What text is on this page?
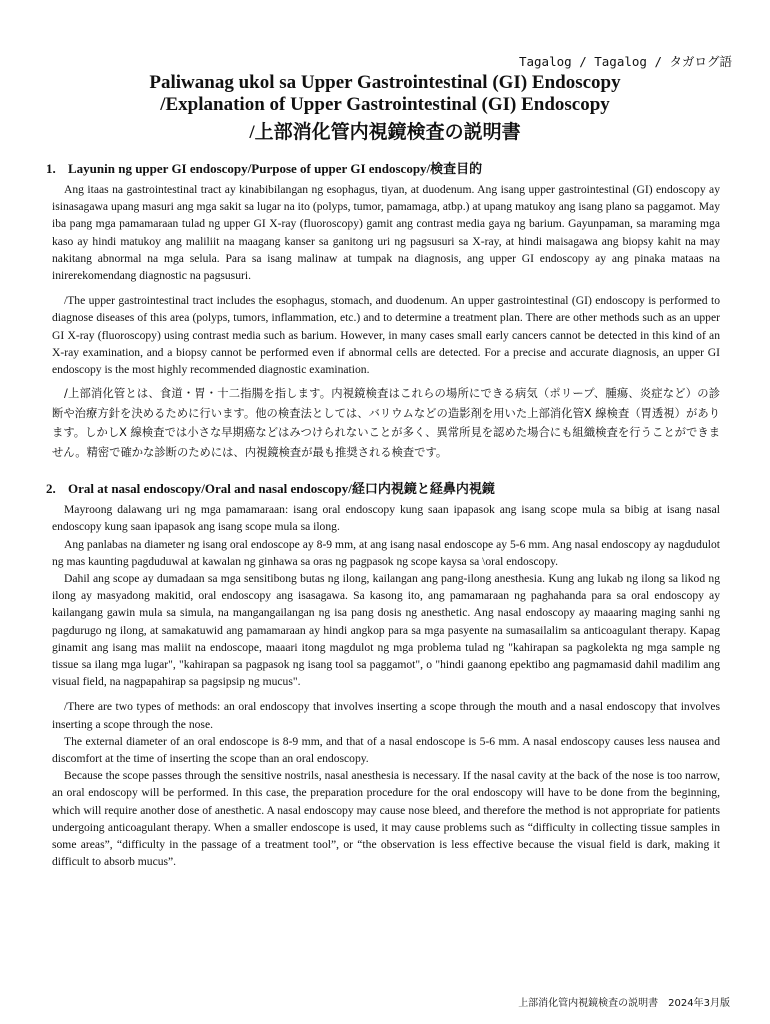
Tagalog / Tagalog / タガログ語
Paliwanag ukol sa Upper Gastrointestinal (GI) Endoscopy
/Explanation of Upper Gastrointestinal (GI) Endoscopy
/上部消化管内視鏡検査の説明書
1. Layunin ng upper GI endoscopy/Purpose of upper GI endoscopy/検査目的

Ang itaas na gastrointestinal tract ay kinabibilangan ng esophagus, tiyan, at duodenum. Ang isang upper gastrointestinal (GI) endoscopy ay isinasagawa upang masuri ang mga sakit sa lugar na ito (polyps, tumor, pamamaga, atbp.) at upang matukoy ang isang plano sa paggamot. May iba pang mga pamamaraan tulad ng upper GI X-ray (fluoroscopy) gamit ang contrast media gaya ng barium. Gayunpaman, sa maraming mga kaso ay hindi matukoy ang maliliit na maagang kanser sa ganitong uri ng pagsusuri sa X-ray, at hindi maisagawa ang biopsy kahit na may nakitang abnormal na mga selula. Para sa isang malinaw at tumpak na diagnosis, ang upper GI endoscopy ay ang pinaka mataas na inirerekomendang diagnostic na pagsusuri.

/The upper gastrointestinal tract includes the esophagus, stomach, and duodenum. An upper gastrointestinal (GI) endoscopy is performed to diagnose diseases of this area (polyps, tumors, inflammation, etc.) and to determine a treatment plan. There are other methods such as an upper GI X-ray (fluoroscopy) using contrast media such as barium. However, in many cases small early cancers cannot be detected in this kind of an X-ray examination, and a biopsy cannot be performed even if abnormal cells are detected. For a precise and accurate diagnosis, an upper GI endoscopy is the most highly recommended diagnostic examination.

/上部消化管とは、食道・胃・十二指腸を指します。内視鏡検査はこれらの場所にできる病気（ポリープ、腫瘍、炎症など）の診断や治療方針を決めるために行います。他の検査法としては、バリウムなどの造影剤を用いた上部消化管X 線検査（胃透視）があります。しかしX 線検査では小さな早期癌などはみつけられないことが多く、異常所見を認めた場合にも組織検査を行うことができません。精密で確かな診断のためには、内視鏡検査が最も推奨される検査です。

2. Oral at nasal endoscopy/Oral and nasal endoscopy/経口内視鏡と経鼻内視鏡

Mayroong dalawang uri ng mga pamamaraan: isang oral endoscopy kung saan ipapasok ang isang scope mula sa bibig at isang nasal endoscopy kung saan ipapasok ang isang scope mula sa ilong.

Ang panlabas na diameter ng isang oral endoscope ay 8-9 mm, at ang isang nasal endoscope ay 5-6 mm. Ang nasal endoscopy ay nagdudulot ng mas kaunting pagduduwal at kawalan ng ginhawa sa oras ng pagpasok ng scope kaysa sa \oral endoscopy.

Dahil ang scope ay dumadaan sa mga sensitibong butas ng ilong, kailangan ang pang-ilong anesthesia. Kung ang lukab ng ilong sa likod ng ilong ay masyadong makitid, oral endoscopy ang isasagawa. Sa kasong ito, ang pamamaraan ng paghahanda para sa oral endoscopy ay kailangang gawin mula sa simula, na mangangailangan ng isa pang dosis ng anesthetic. Ang nasal endoscopy ay maaaring maging sanhi ng pagdurugo ng ilong, at samakatuwid ang pamamaraan ay hindi angkop para sa mga pasyente na sumasailalim sa anticoagulant therapy. Kapag ginamit ang isang mas maliit na endoscope, maaari itong magdulot ng mga problema tulad ng "kahirapan sa pagkolekta ng mga sample ng tissue sa ilang mga lugar", "kahirapan sa pagpasok ng isang tool sa paggamot", o "hindi gaanong epektibo ang pagmamasid dahil madilim ang visual field, na nagpapahirap sa pagsipsip ng mucus".

/There are two types of methods: an oral endoscopy that involves inserting a scope through the mouth and a nasal endoscopy that involves inserting a scope through the nose.

The external diameter of an oral endoscope is 8-9 mm, and that of a nasal endoscope is 5-6 mm. A nasal endoscopy causes less nausea and discomfort at the time of inserting the scope than an oral endoscopy.

Because the scope passes through the sensitive nostrils, nasal anesthesia is necessary. If the nasal cavity at the back of the nose is too narrow, an oral endoscopy will be performed. In this case, the preparation procedure for the oral endoscopy will have to be done from the beginning, which will require another dose of anesthetic. A nasal endoscopy may cause nose bleed, and therefore the method is not appropriate for patients undergoing anticoagulant therapy. When a smaller endoscope is used, it may cause problems such as “difficulty in collecting tissue samples in some areas”, “difficulty in the passage of a treatment tool”, or “the observation is less effective because the visual field is dark, making it difficult to absorb mucus”.

上部消化管内視鏡検査の説明書　2024年3月版
